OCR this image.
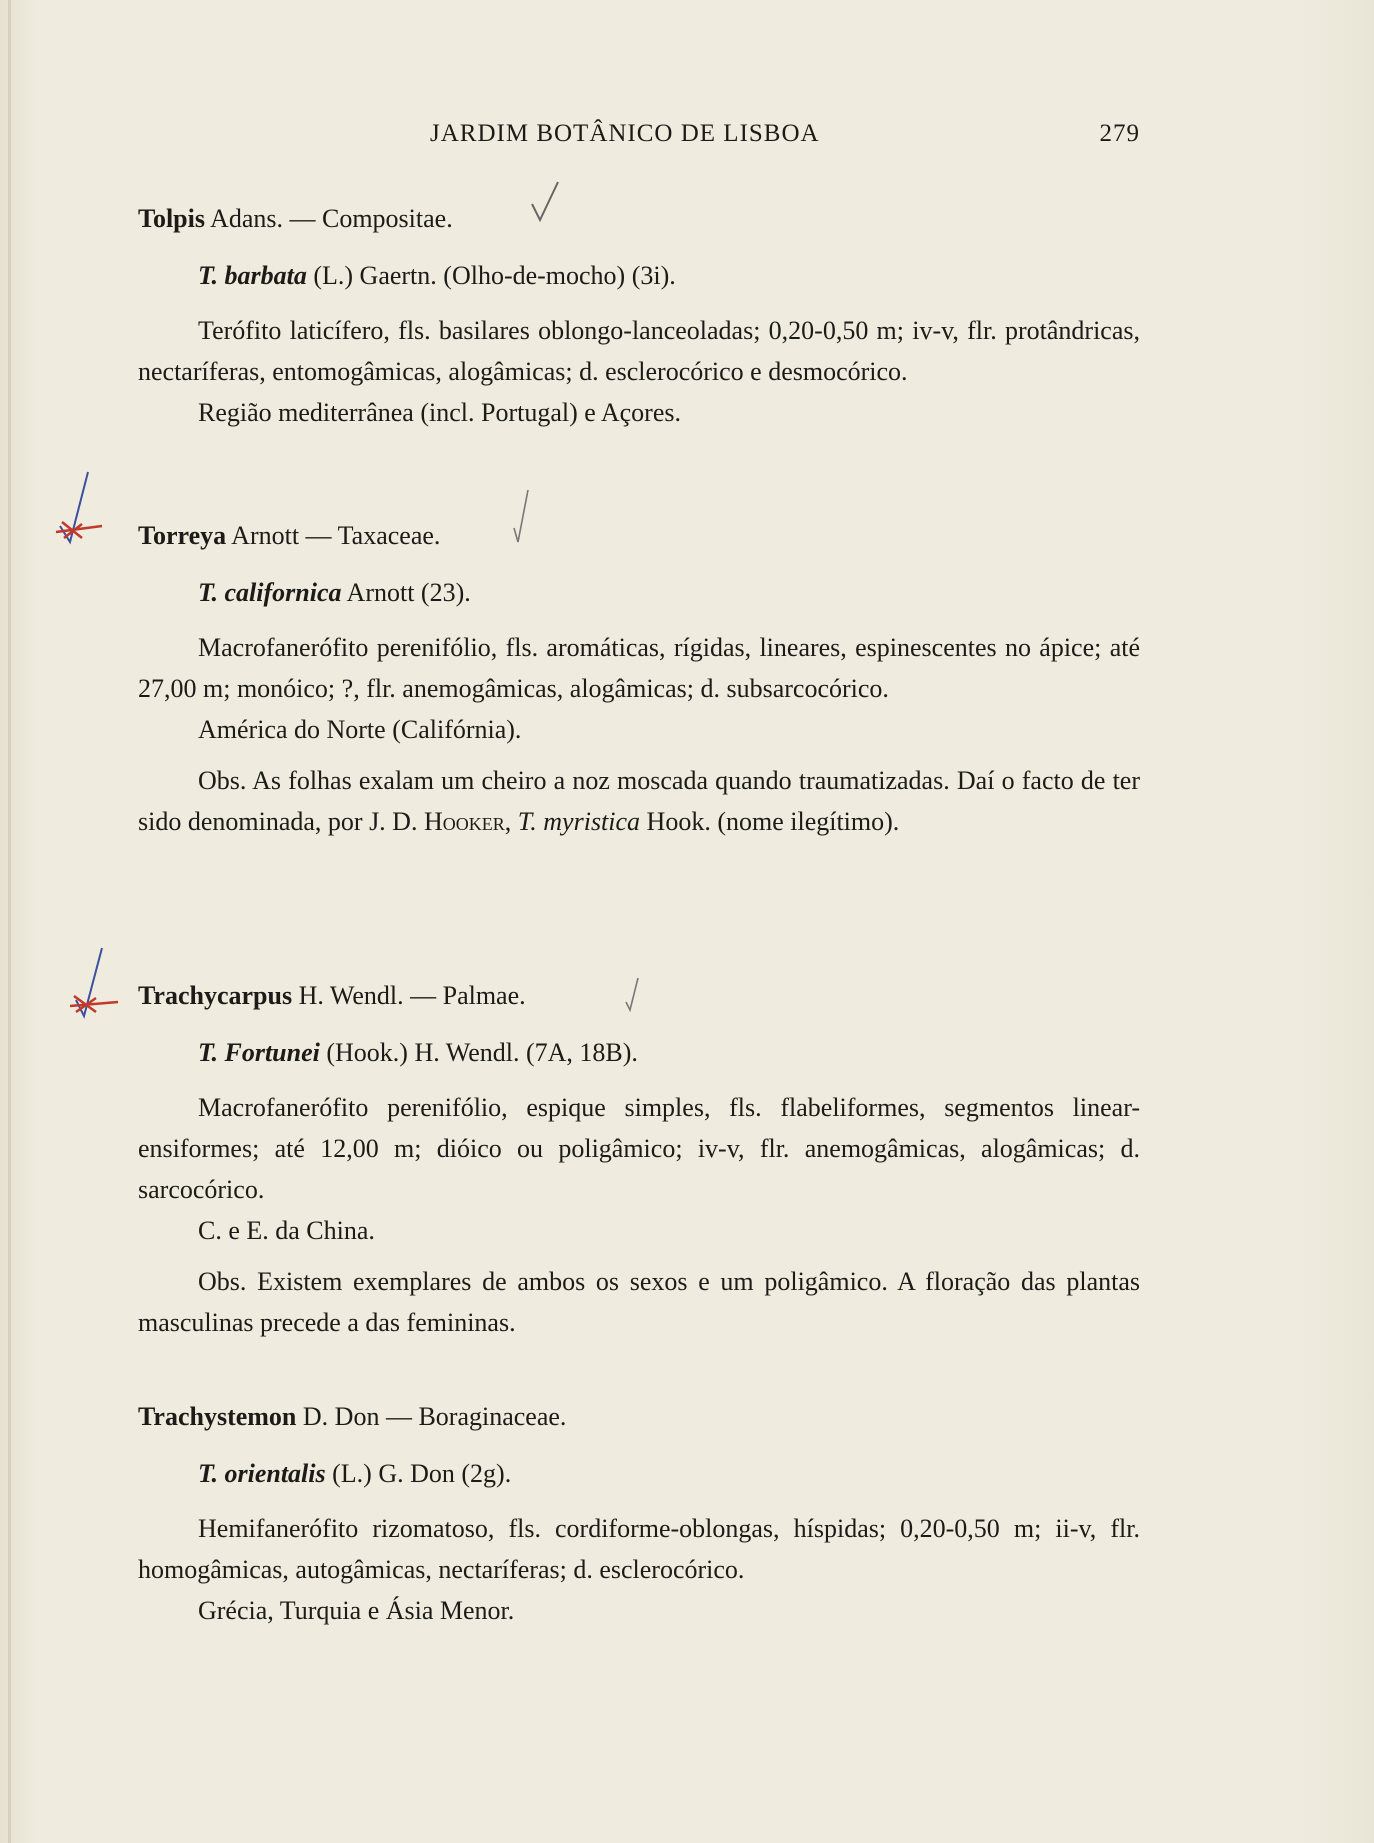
JARDIM BOTÂNICO DE LISBOA	279

Tolpis Adans. — Compositae.

T. barbata (L.) Gaertn. (Olho-de-mocho) (3i).

Terófito laticífero, fls. basilares oblongo-lanceoladas; 0,20-0,50 m; iv-v, flr. protândricas, nectaríferas, entomogâmicas, alogâmicas; d. esclerocórico e desmocórico.

Região mediterrânea (incl. Portugal) e Açores.

Torreya Arnott — Taxaceae.

T. californica Arnott (23).

Macrofanerófito perenifólio, fls. aromáticas, rígidas, lineares, espinescentes no ápice; até 27,00 m; monóico; ?, flr. anemogâmicas, alogâmicas; d. subsarcocórico.

América do Norte (Califórnia).

Obs. As folhas exalam um cheiro a noz moscada quando traumatizadas. Daí o facto de ter sido denominada, por J. D. Hooker, T. myristica Hook. (nome ilegítimo).

Trachycarpus H. Wendl. — Palmae.

T. Fortunei (Hook.) H. Wendl. (7A, 18B).

Macrofanerófito perenifólio, espique simples, fls. flabeliformes, segmentos linear-ensiformes; até 12,00 m; dióico ou poligâmico; iv-v, flr. anemogâmicas, alogâmicas; d. sarcocórico.

C. e E. da China.

Obs. Existem exemplares de ambos os sexos e um poligâmico. A floração das plantas masculinas precede a das femininas.

Trachystemon D. Don — Boraginaceae.

T. orientalis (L.) G. Don (2g).

Hemifanerófito rizomatoso, fls. cordiforme-oblongas, híspidas; 0,20-0,50 m; ii-v, flr. homogâmicas, autogâmicas, nectaríferas; d. esclerocórico.

Grécia, Turquia e Ásia Menor.
